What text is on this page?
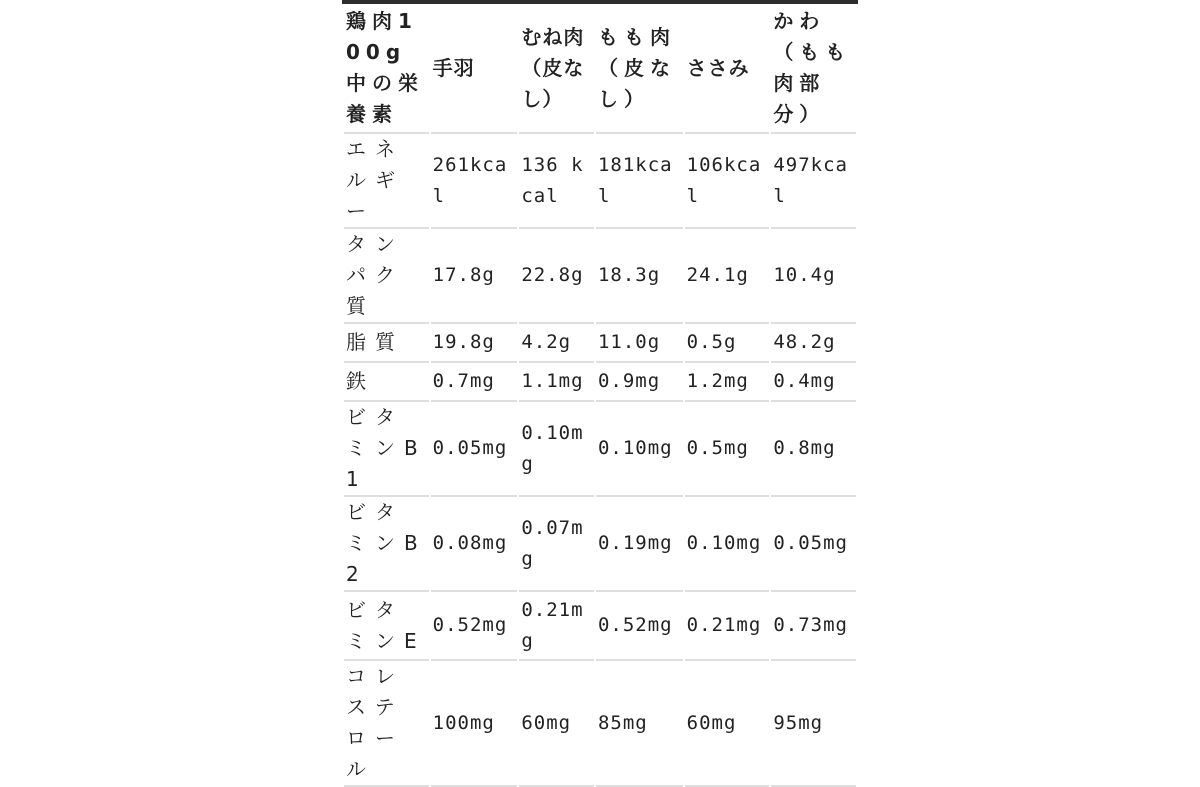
鶏肉100g中の栄養素	手羽	むね肉（皮なし）	もも肉（皮なし）	ささみ	かわ（もも肉部分）
エネルギー	261kcal	136 kcal	181kcal	106kcal	497kcal
タンパク質	17.8g	22.8g	18.3g	24.1g	10.4g
脂質	19.8g	4.2g	11.0g	0.5g	48.2g
鉄	0.7mg	1.1mg	0.9mg	1.2mg	0.4mg
ビタミンB1	0.05mg	0.10mg	0.10mg	0.5mg	0.8mg
ビタミンB2	0.08mg	0.07mg	0.19mg	0.10mg	0.05mg
ビタミンE	0.52mg	0.21mg	0.52mg	0.21mg	0.73mg
コレステロール	100mg	60mg	85mg	60mg	95mg
